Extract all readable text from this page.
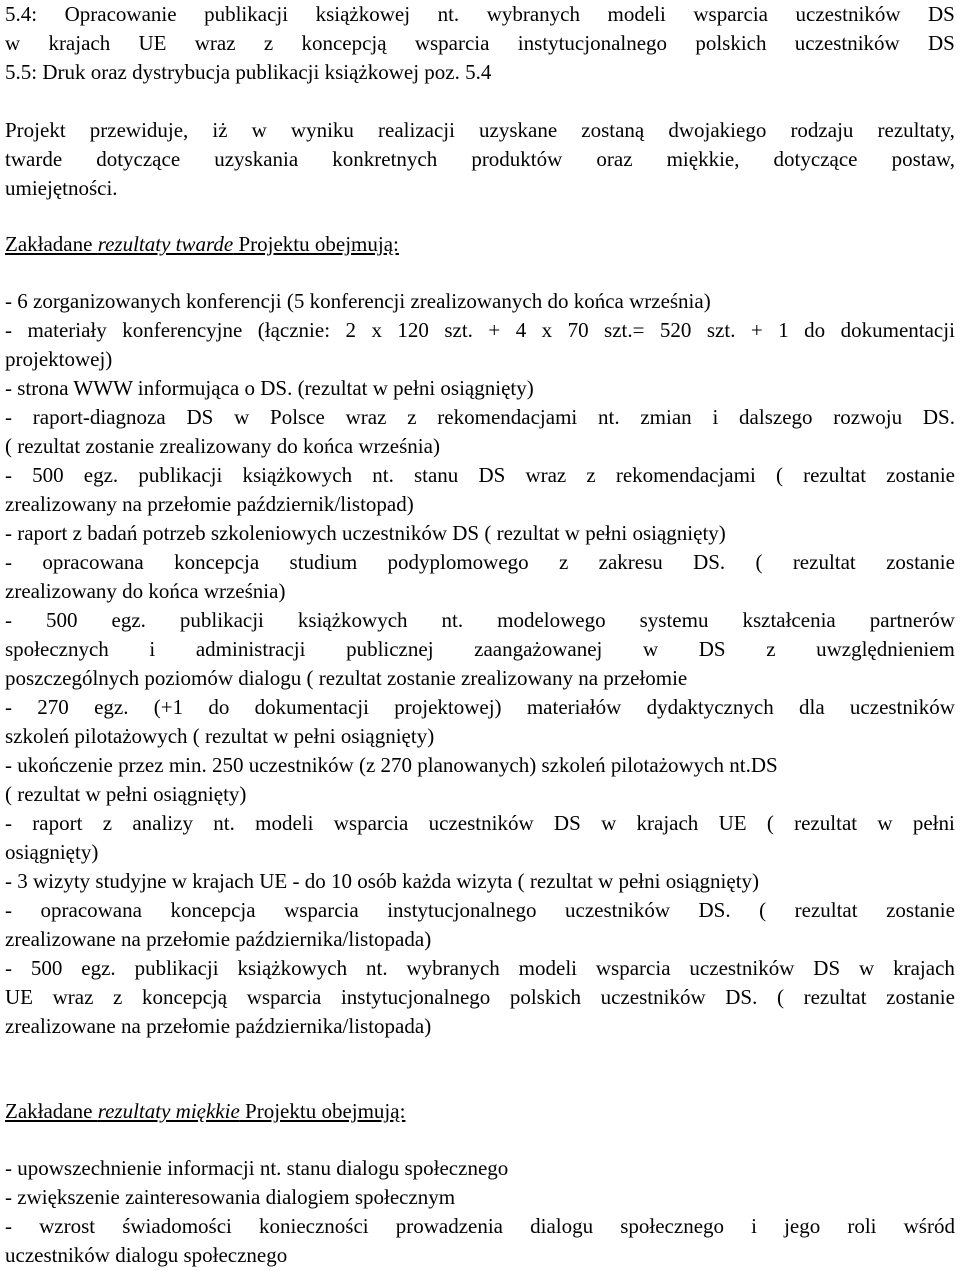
5.4: Opracowanie publikacji książkowej nt. wybranych modeli wsparcia uczestników DS
w krajach UE wraz z koncepcją wsparcia instytucjonalnego polskich uczestników DS
5.5: Druk oraz dystrybucja publikacji książkowej poz. 5.4
Projekt przewiduje, iż w wyniku realizacji uzyskane zostaną dwojakiego rodzaju rezultaty,
twarde dotyczące uzyskania konkretnych produktów oraz miękkie, dotyczące postaw,
umiejętności.
Zakładane rezultaty twarde Projektu obejmują:
- 6 zorganizowanych konferencji (5 konferencji zrealizowanych do końca września)
- materiały konferencyjne (łącznie: 2 x 120 szt. + 4 x 70 szt.= 520 szt. + 1 do dokumentacji
projektowej)
- strona WWW informująca o DS. (rezultat w pełni osiągnięty)
- raport-diagnoza DS w Polsce wraz z rekomendacjami nt. zmian i dalszego rozwoju DS.
( rezultat zostanie zrealizowany do końca września)
- 500 egz. publikacji książkowych nt. stanu DS wraz z rekomendacjami ( rezultat zostanie
zrealizowany na przełomie październik/listopad)
- raport z badań potrzeb szkoleniowych uczestników DS ( rezultat w pełni osiągnięty)
- opracowana koncepcja studium podyplomowego z zakresu DS. ( rezultat zostanie
zrealizowany do końca września)
- 500 egz. publikacji książkowych nt. modelowego systemu kształcenia partnerów
społecznych i administracji publicznej zaangażowanej w DS z uwzględnieniem
poszczególnych poziomów dialogu ( rezultat zostanie zrealizowany na przełomie
- 270 egz. (+1 do dokumentacji projektowej) materiałów dydaktycznych dla uczestników
szkoleń pilotażowych ( rezultat w pełni osiągnięty)
- ukończenie przez min. 250 uczestników (z 270 planowanych) szkoleń pilotażowych nt.DS
( rezultat w pełni osiągnięty)
- raport z analizy nt. modeli wsparcia uczestników DS w krajach UE ( rezultat w pełni
osiągnięty)
- 3 wizyty studyjne w krajach UE - do 10 osób każda wizyta ( rezultat w pełni osiągnięty)
- opracowana koncepcja wsparcia instytucjonalnego uczestników DS. ( rezultat zostanie
zrealizowane na przełomie października/listopada)
- 500 egz. publikacji książkowych nt. wybranych modeli wsparcia uczestników DS w krajach
UE wraz z koncepcją wsparcia instytucjonalnego polskich uczestników DS. ( rezultat zostanie
zrealizowane na przełomie października/listopada)
Zakładane rezultaty miękkie Projektu obejmują:
- upowszechnienie informacji nt. stanu dialogu społecznego
- zwiększenie zainteresowania dialogiem społecznym
- wzrost świadomości konieczności prowadzenia dialogu społecznego i jego roli wśród
uczestników dialogu społecznego
